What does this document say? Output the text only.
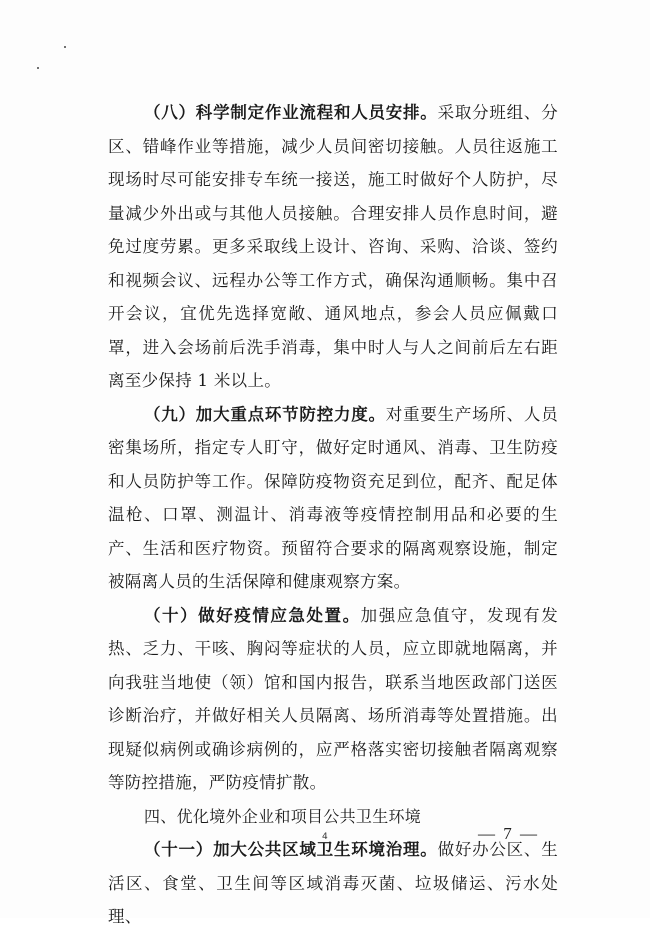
（八）科学制定作业流程和人员安排。采取分班组、分区、错峰作业等措施，减少人员间密切接触。人员往返施工现场时尽可能安排专车统一接送，施工时做好个人防护，尽量减少外出或与其他人员接触。合理安排人员作息时间，避免过度劳累。更多采取线上设计、咨询、采购、洽谈、签约和视频会议、远程办公等工作方式，确保沟通顺畅。集中召开会议，宜优先选择宽敞、通风地点，参会人员应佩戴口罩，进入会场前后洗手消毒，集中时人与人之间前后左右距离至少保持 1 米以上。

（九）加大重点环节防控力度。对重要生产场所、人员密集场所，指定专人盯守，做好定时通风、消毒、卫生防疫和人员防护等工作。保障防疫物资充足到位，配齐、配足体温枪、口罩、测温计、消毒液等疫情控制用品和必要的生产、生活和医疗物资。预留符合要求的隔离观察设施，制定被隔离人员的生活保障和健康观察方案。

（十）做好疫情应急处置。加强应急值守，发现有发热、乏力、干咳、胸闷等症状的人员，应立即就地隔离，并向我驻当地使（领）馆和国内报告，联系当地医政部门送医诊断治疗，并做好相关人员隔离、场所消毒等处置措施。出现疑似病例或确诊病例的，应严格落实密切接触者隔离观察等防控措施，严防疫情扩散。

四、优化境外企业和项目公共卫生环境

（十一）加大公共区域卫生环境治理。做好办公区、生活区、食堂、卫生间等区域消毒灭菌、垃圾储运、污水处理、

4	— 7 —
